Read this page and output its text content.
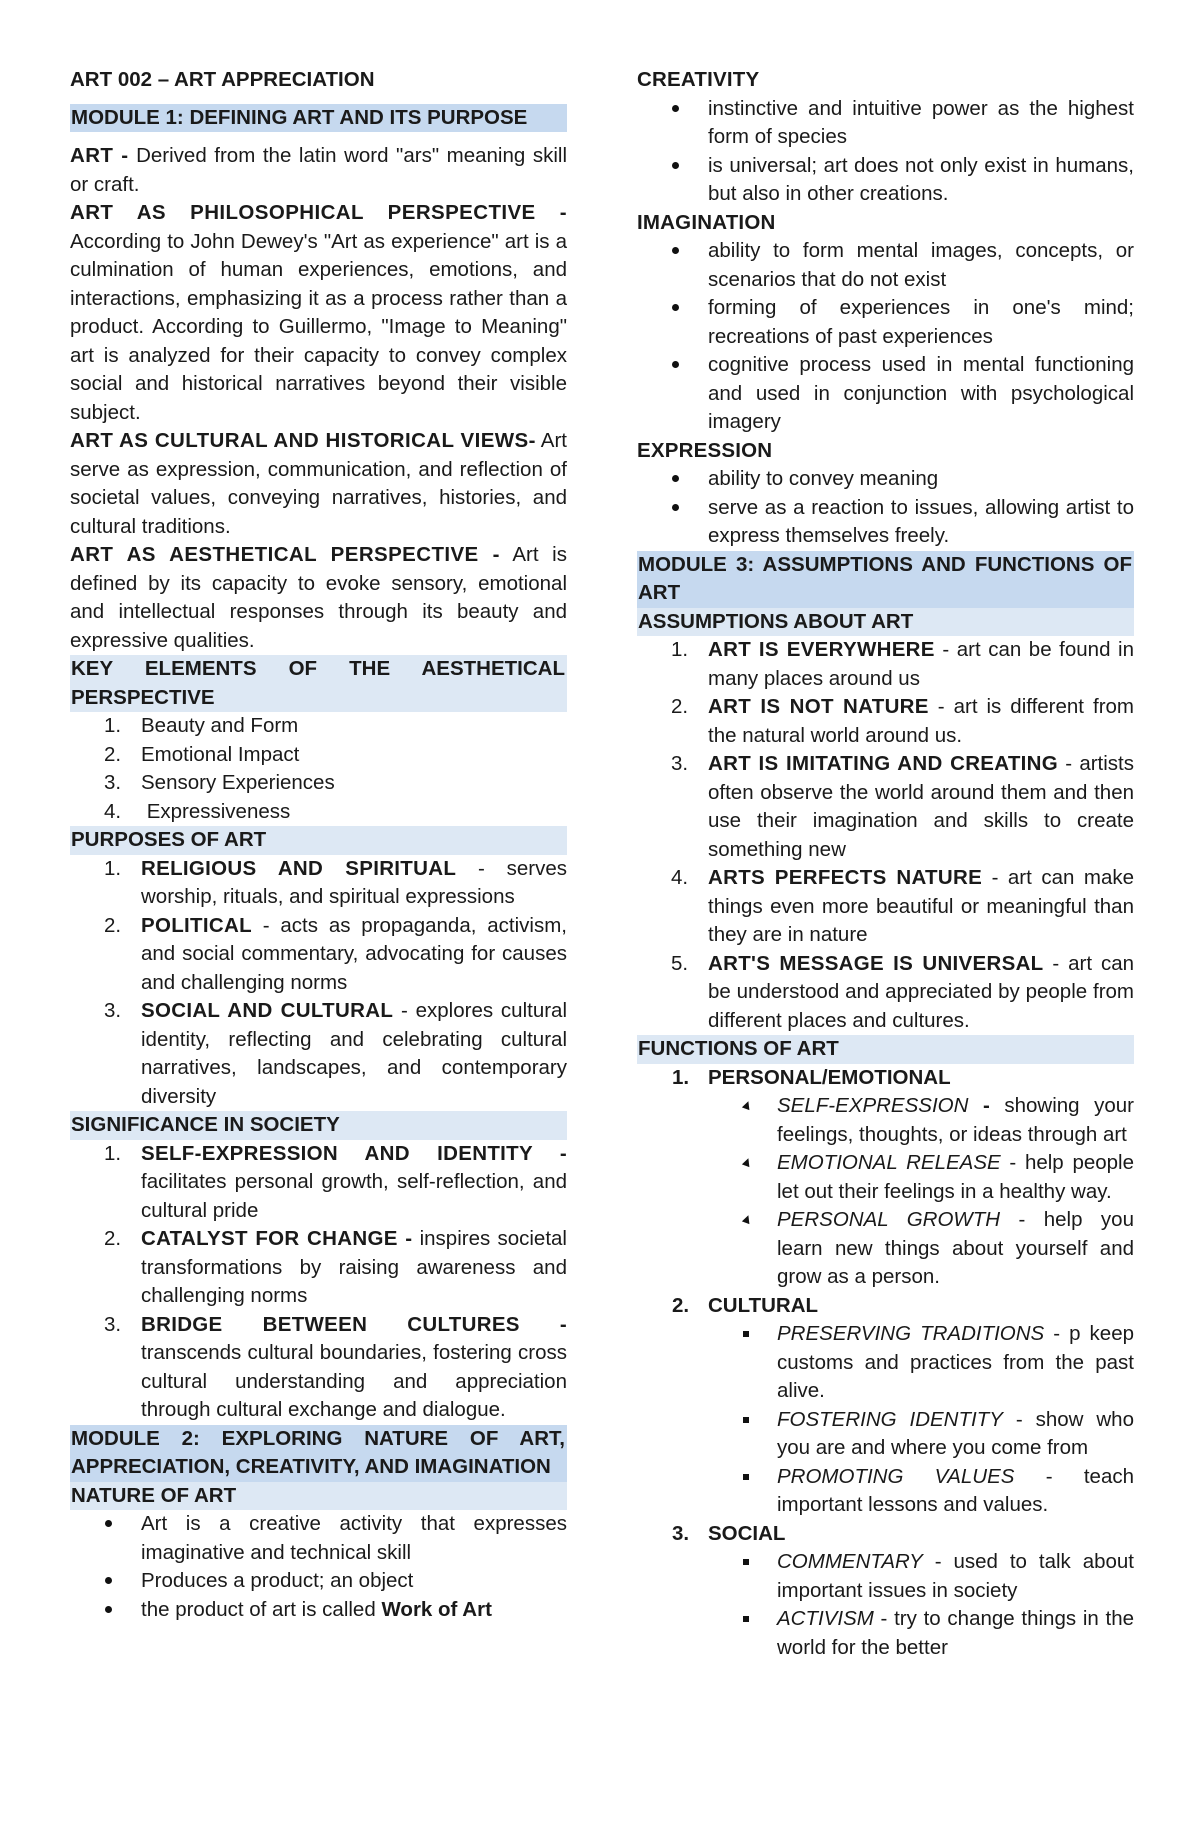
ART 002 – ART APPRECIATION
MODULE 1: DEFINING ART AND ITS PURPOSE

ART - Derived from the latin word "ars" meaning skill or craft.

ART AS PHILOSOPHICAL PERSPECTIVE - According to John Dewey's "Art as experience" art is a culmination of human experiences, emotions, and interactions, emphasizing it as a process rather than a product. According to Guillermo, "Image to Meaning" art is analyzed for their capacity to convey complex social and historical narratives beyond their visible subject.

ART AS CULTURAL AND HISTORICAL VIEWS- Art serve as expression, communication, and reflection of societal values, conveying narratives, histories, and cultural traditions.

ART AS AESTHETICAL PERSPECTIVE - Art is defined by its capacity to evoke sensory, emotional and intellectual responses through its beauty and expressive qualities.

KEY ELEMENTS OF THE AESTHETICAL PERSPECTIVE
1. Beauty and Form
2. Emotional Impact
3. Sensory Experiences
4. Expressiveness
PURPOSES OF ART
1. RELIGIOUS AND SPIRITUAL - serves worship, rituals, and spiritual expressions
2. POLITICAL - acts as propaganda, activism, and social commentary, advocating for causes and challenging norms
3. SOCIAL AND CULTURAL - explores cultural identity, reflecting and celebrating cultural narratives, landscapes, and contemporary diversity
SIGNIFICANCE IN SOCIETY
1. SELF-EXPRESSION AND IDENTITY - facilitates personal growth, self-reflection, and cultural pride
2. CATALYST FOR CHANGE - inspires societal transformations by raising awareness and challenging norms
3. BRIDGE BETWEEN CULTURES - transcends cultural boundaries, fostering cross cultural understanding and appreciation through cultural exchange and dialogue.
MODULE 2: EXPLORING NATURE OF ART, APPRECIATION, CREATIVITY, AND IMAGINATION
NATURE OF ART
Art is a creative activity that expresses imaginative and technical skill
Produces a product; an object
the product of art is called Work of Art
CREATIVITY
instinctive and intuitive power as the highest form of species
is universal; art does not only exist in humans, but also in other creations.
IMAGINATION
ability to form mental images, concepts, or scenarios that do not exist
forming of experiences in one's mind; recreations of past experiences
cognitive process used in mental functioning and used in conjunction with psychological imagery
EXPRESSION
ability to convey meaning
serve as a reaction to issues, allowing artist to express themselves freely.
MODULE 3: ASSUMPTIONS AND FUNCTIONS OF ART
ASSUMPTIONS ABOUT ART
1. ART IS EVERYWHERE - art can be found in many places around us
2. ART IS NOT NATURE - art is different from the natural world around us.
3. ART IS IMITATING AND CREATING - artists often observe the world around them and then use their imagination and skills to create something new
4. ARTS PERFECTS NATURE - art can make things even more beautiful or meaningful than they are in nature
5. ART'S MESSAGE IS UNIVERSAL - art can be understood and appreciated by people from different places and cultures.
FUNCTIONS OF ART
1. PERSONAL/EMOTIONAL
SELF-EXPRESSION - showing your feelings, thoughts, or ideas through art
EMOTIONAL RELEASE - help people let out their feelings in a healthy way.
PERSONAL GROWTH - help you learn new things about yourself and grow as a person.
2. CULTURAL
PRESERVING TRADITIONS - p keep customs and practices from the past alive.
FOSTERING IDENTITY - show who you are and where you come from
PROMOTING VALUES - teach important lessons and values.
3. SOCIAL
COMMENTARY - used to talk about important issues in society
ACTIVISM - try to change things in the world for the better
